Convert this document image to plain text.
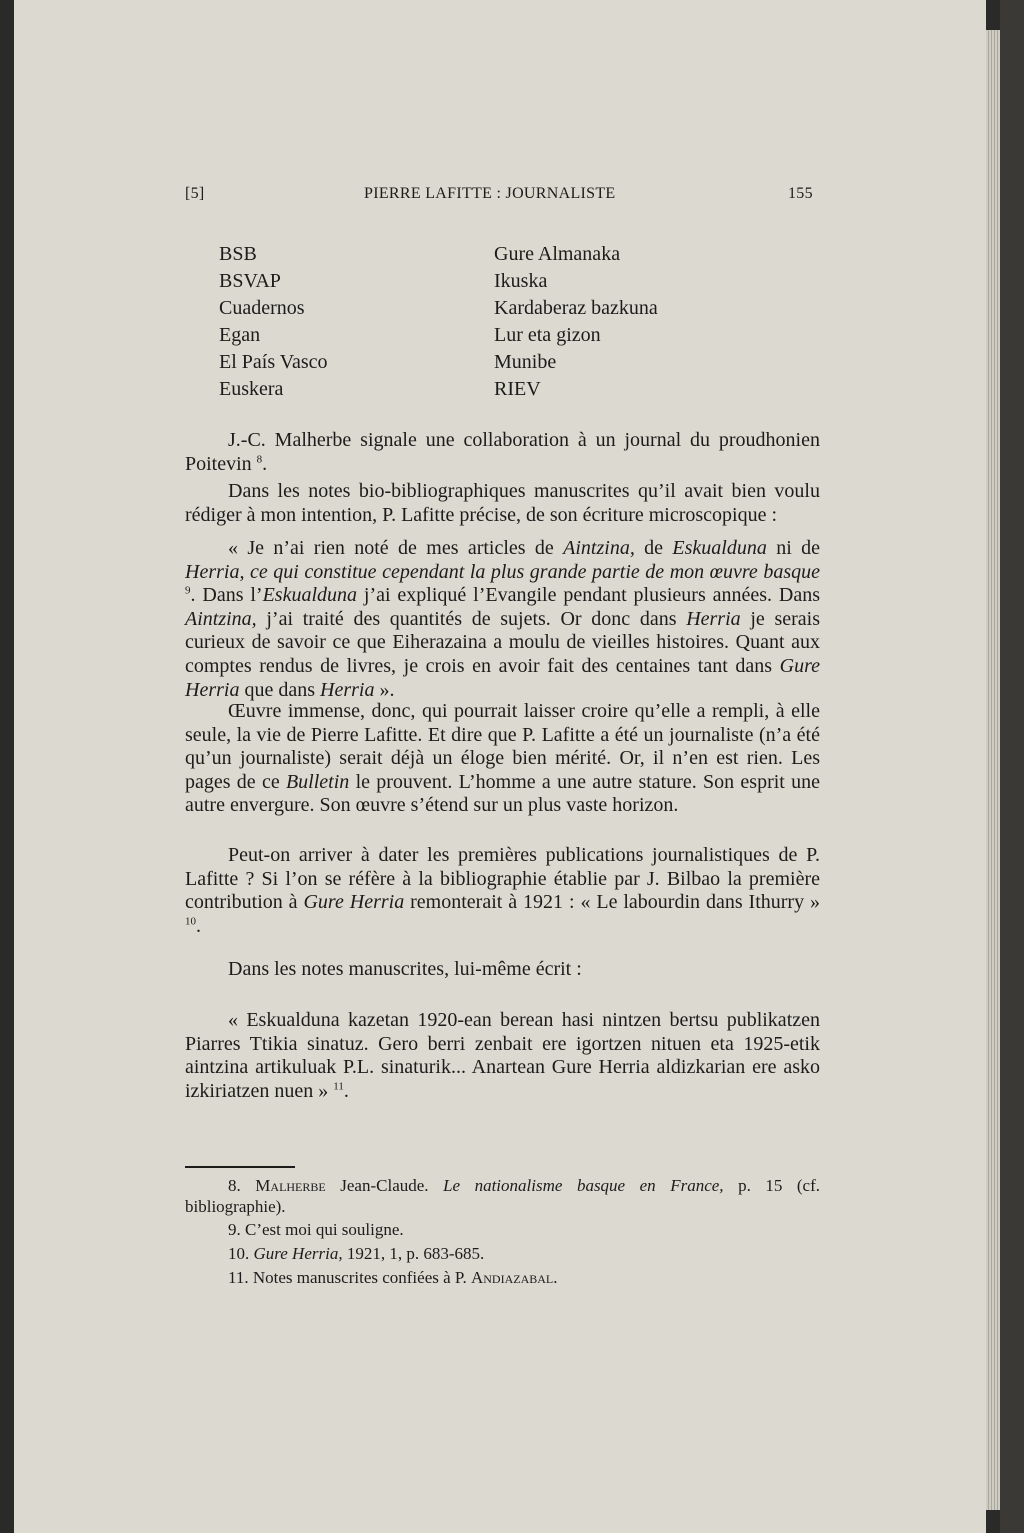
[5]	PIERRE LAFITTE : JOURNALISTE	155
BSB
BSVAP
Cuadernos
Egan
El País Vasco
Euskera
Gure Almanaka
Ikuska
Kardaberaz bazkuna
Lur eta gizon
Munibe
RIEV
J.-C. Malherbe signale une collaboration à un journal du proudhonien Poitevin $^8$.
Dans les notes bio-bibliographiques manuscrites qu’il avait bien voulu rédiger à mon intention, P. Lafitte précise, de son écriture microscopique :
« Je n’ai rien noté de mes articles de Aintzina, de Eskualduna ni de Herria, ce qui constitue cependant la plus grande partie de mon œuvre basque $^9$. Dans l’Eskualduna j’ai expliqué l’Evangile pendant plusieurs années. Dans Aintzina, j’ai traité des quantités de sujets. Or donc dans Herria je serais curieux de savoir ce que Eiherazaina a moulu de vieilles histoires. Quant aux comptes rendus de livres, je crois en avoir fait des centaines tant dans Gure Herria que dans Herria ».
Œuvre immense, donc, qui pourrait laisser croire qu’elle a rempli, à elle seule, la vie de Pierre Lafitte. Et dire que P. Lafitte a été un journaliste (n’a été qu’un journaliste) serait déjà un éloge bien mérité. Or, il n’en est rien. Les pages de ce Bulletin le prouvent. L’homme a une autre stature. Son esprit une autre envergure. Son œuvre s’étend sur un plus vaste horizon.
Peut-on arriver à dater les premières publications journalistiques de P. Lafitte ? Si l’on se réfère à la bibliographie établie par J. Bilbao la première contribution à Gure Herria remonterait à 1921 : « Le labourdin dans Ithurry » $^{10}$.
Dans les notes manuscrites, lui-même écrit :
« Eskualduna kazetan 1920-ean berean hasi nintzen bertsu publikatzen Piarres Ttikia sinatuz. Gero berri zenbait ere igortzen nituen eta 1925-etik aintzina artikuluak P.L. sinaturik... Anartean Gure Herria aldizkarian ere asko izkiriatzen nuen » $^{11}$.
8. Malherbe Jean-Claude. Le nationalisme basque en France, p. 15 (cf. bibliographie).
9. C’est moi qui souligne.
10. Gure Herria, 1921, 1, p. 683-685.
11. Notes manuscrites confiées à P. Andiazabal.
